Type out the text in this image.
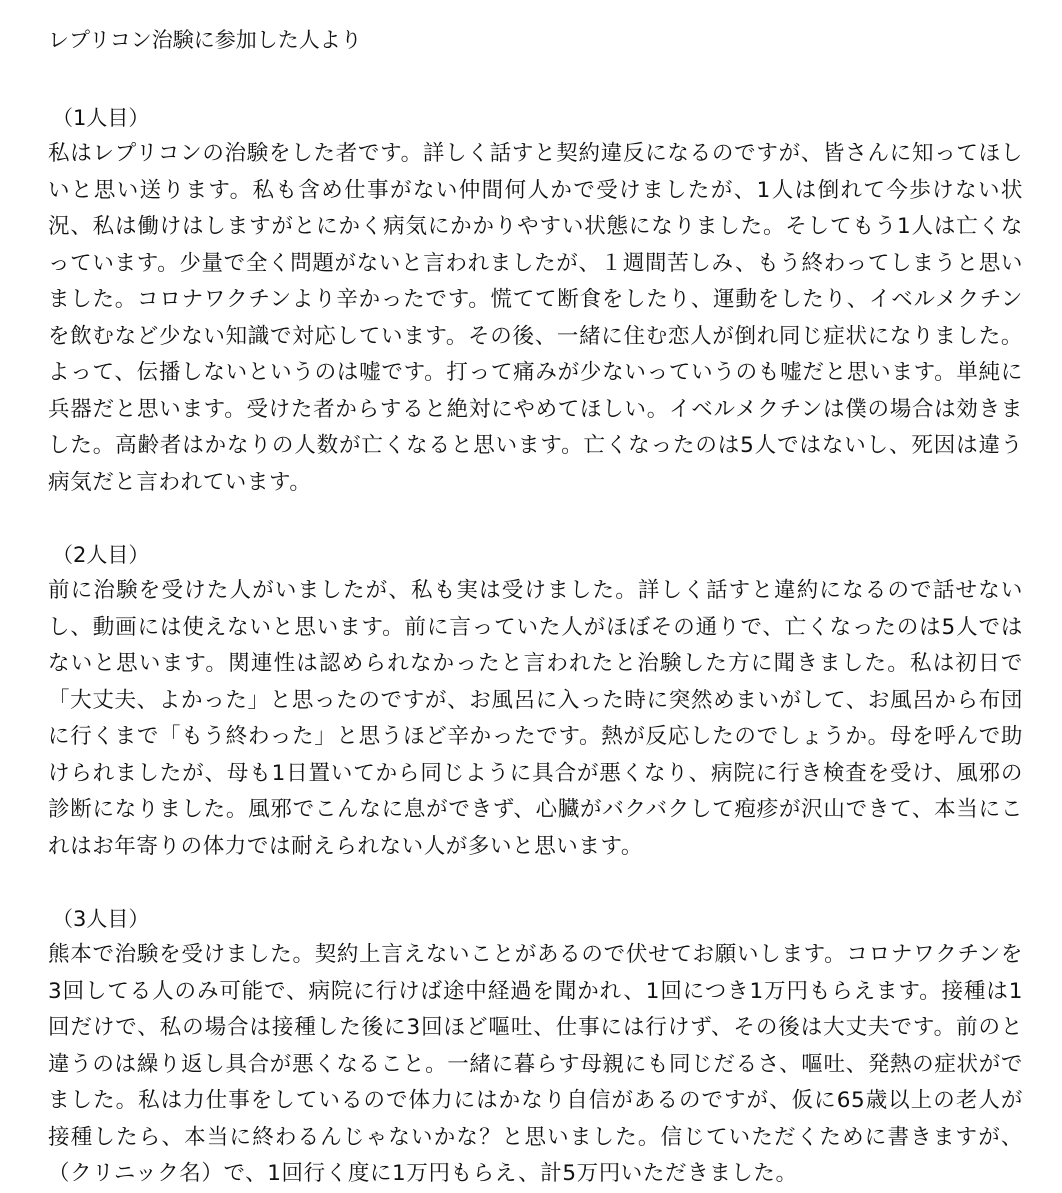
レプリコン治験に参加した人より
（1人目）

私はレプリコンの治験をした者です。詳しく話すと契約違反になるのですが、皆さんに知ってほしいと思い送ります。私も含め仕事がない仲間何人かで受けましたが、1人は倒れて今歩けない状況、私は働けはしますがとにかく病気にかかりやすい状態になりました。そしてもう1人は亡くなっています。少量で全く問題がないと言われましたが、１週間苦しみ、もう終わってしまうと思いました。コロナワクチンより辛かったです。慌てて断食をしたり、運動をしたり、イベルメクチンを飲むなど少ない知識で対応しています。その後、一緒に住む恋人が倒れ同じ症状になりました。よって、伝播しないというのは嘘です。打って痛みが少ないっていうのも嘘だと思います。単純に兵器だと思います。受けた者からすると絶対にやめてほしい。イベルメクチンは僕の場合は効きました。高齢者はかなりの人数が亡くなると思います。亡くなったのは5人ではないし、死因は違う病気だと言われています。

（2人目）

前に治験を受けた人がいましたが、私も実は受けました。詳しく話すと違約になるので話せないし、動画には使えないと思います。前に言っていた人がほぼその通りで、亡くなったのは5人ではないと思います。関連性は認められなかったと言われたと治験した方に聞きました。私は初日で「大丈夫、よかった」と思ったのですが、お風呂に入った時に突然めまいがして、お風呂から布団に行くまで「もう終わった」と思うほど辛かったです。熱が反応したのでしょうか。母を呼んで助けられましたが、母も1日置いてから同じように具合が悪くなり、病院に行き検査を受け、風邪の診断になりました。風邪でこんなに息ができず、心臓がバクバクして疱疹が沢山できて、本当にこれはお年寄りの体力では耐えられない人が多いと思います。

（3人目）

熊本で治験を受けました。契約上言えないことがあるので伏せてお願いします。コロナワクチンを3回してる人のみ可能で、病院に行けば途中経過を聞かれ、1回につき1万円もらえます。接種は1回だけで、私の場合は接種した後に3回ほど嘔吐、仕事には行けず、その後は大丈夫です。前のと違うのは繰り返し具合が悪くなること。一緒に暮らす母親にも同じだるさ、嘔吐、発熱の症状がでました。私は力仕事をしているので体力にはかなり自信があるのですが、仮に65歳以上の老人が接種したら、本当に終わるんじゃないかな？と思いました。信じていただくために書きますが、（クリニック名）で、1回行く度に1万円もらえ、計5万円いただきました。
